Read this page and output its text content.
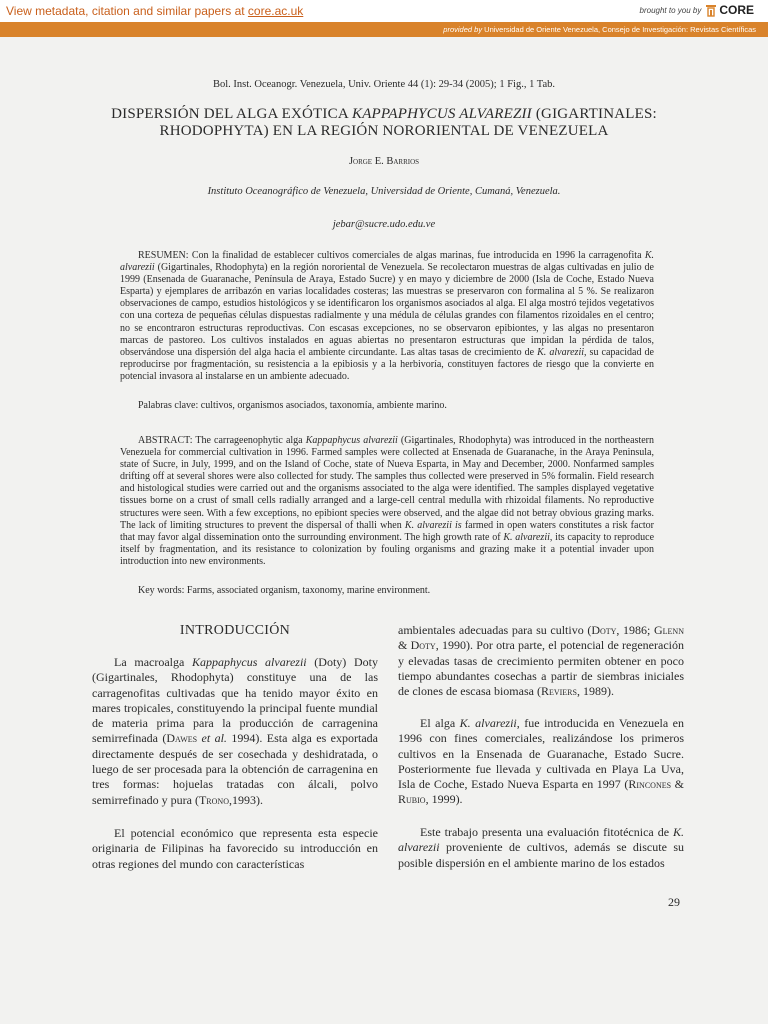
View metadata, citation and similar papers at core.ac.uk	brought to you by CORE
provided by Universidad de Oriente Venezuela, Consejo de Investigación: Revistas Científicas
Bol. Inst. Oceanogr. Venezuela, Univ. Oriente 44 (1): 29-34 (2005); 1 Fig., 1 Tab.
DISPERSIÓN DEL ALGA EXÓTICA KAPPAPHYCUS ALVAREZII (GIGARTINALES: RHODOPHYTA) EN LA REGIÓN NORORIENTAL DE VENEZUELA
Jorge E. Barrios
Instituto Oceanográfico de Venezuela, Universidad de Oriente, Cumaná, Venezuela.
jebar@sucre.udo.edu.ve

RESUMEN: Con la finalidad de establecer cultivos comerciales de algas marinas, fue introducida en 1996 la carragenofita K. alvarezii (Gigartinales, Rhodophyta) en la región nororiental de Venezuela. Se recolectaron muestras de algas cultivadas en julio de 1999 (Ensenada de Guaranache, Península de Araya, Estado Sucre) y en mayo y diciembre de 2000 (Isla de Coche, Estado Nueva Esparta) y ejemplares de arribazón en varias localidades costeras; las muestras se preservaron con formalina al 5 %. Se realizaron observaciones de campo, estudios histológicos y se identificaron los organismos asociados al alga. El alga mostró tejidos vegetativos con una corteza de pequeñas células dispuestas radialmente y una médula de células grandes con filamentos rizoidales en el centro; no se encontraron estructuras reproductivas. Con escasas excepciones, no se observaron epibiontes, y las algas no presentaron marcas de pastoreo. Los cultivos instalados en aguas abiertas no presentaron estructuras que impidan la pérdida de talos, observándose una dispersión del alga hacia el ambiente circundante. Las altas tasas de crecimiento de K. alvarezii, su capacidad de reproducirse por fragmentación, su resistencia a la epibiosis y a la herbivoría, constituyen factores de riesgo que la convierte en potencial invasora al instalarse en un ambiente adecuado.

Palabras clave: cultivos, organismos asociados, taxonomía, ambiente marino.

ABSTRACT: The carrageenophytic alga Kappaphycus alvarezii (Gigartinales, Rhodophyta) was introduced in the northeastern Venezuela for commercial cultivation in 1996. Farmed samples were collected at Ensenada de Guaranache, in the Araya Peninsula, state of Sucre, in July, 1999, and on the Island of Coche, state of Nueva Esparta, in May and December, 2000. Nonfarmed samples drifting off at several shores were also collected for study. The samples thus collected were preserved in 5% formalin. Field research and histological studies were carried out and the organisms associated to the alga were identified. The samples displayed vegetative tissues borne on a crust of small cells radially arranged and a large-cell central medulla with rhizoidal filaments. No reproductive structures were seen. With a few exceptions, no epibiont species were observed, and the algae did not betray obvious grazing marks. The lack of limiting structures to prevent the dispersal of thalli when K. alvarezii is farmed in open waters constitutes a risk factor that may favor algal dissemination onto the surrounding environment. The high growth rate of K. alvarezii, its capacity to reproduce itself by fragmentation, and its resistance to colonization by fouling organisms and grazing make it a potential invader upon introduction into new environments.

Key words: Farms, associated organism, taxonomy, marine environment.
INTRODUCCIÓN

La macroalga Kappaphycus alvarezii (Doty) Doty (Gigartinales, Rhodophyta) constituye una de las carragenofitas cultivadas que ha tenido mayor éxito en mares tropicales, constituyendo la principal fuente mundial de materia prima para la producción de carragenina semirrefinada (Dawes et al. 1994). Esta alga es exportada directamente después de ser cosechada y deshidratada, o luego de ser procesada para la obtención de carragenina en tres formas: hojuelas tratadas con álcali, polvo semirrefinado y pura (Trono,1993).

El potencial económico que representa esta especie originaria de Filipinas ha favorecido su introducción en otras regiones del mundo con características

ambientales adecuadas para su cultivo (Doty, 1986; Glenn & Doty, 1990). Por otra parte, el potencial de regeneración y elevadas tasas de crecimiento permiten obtener en poco tiempo abundantes cosechas a partir de siembras iniciales de clones de escasa biomasa (Reviers, 1989).

El alga K. alvarezii, fue introducida en Venezuela en 1996 con fines comerciales, realizándose los primeros cultivos en la Ensenada de Guaranache, Estado Sucre. Posteriormente fue llevada y cultivada en Playa La Uva, Isla de Coche, Estado Nueva Esparta en 1997 (Rincones & Rubio, 1999).

Este trabajo presenta una evaluación fitotécnica de K. alvarezii proveniente de cultivos, además se discute su posible dispersión en el ambiente marino de los estados

29
